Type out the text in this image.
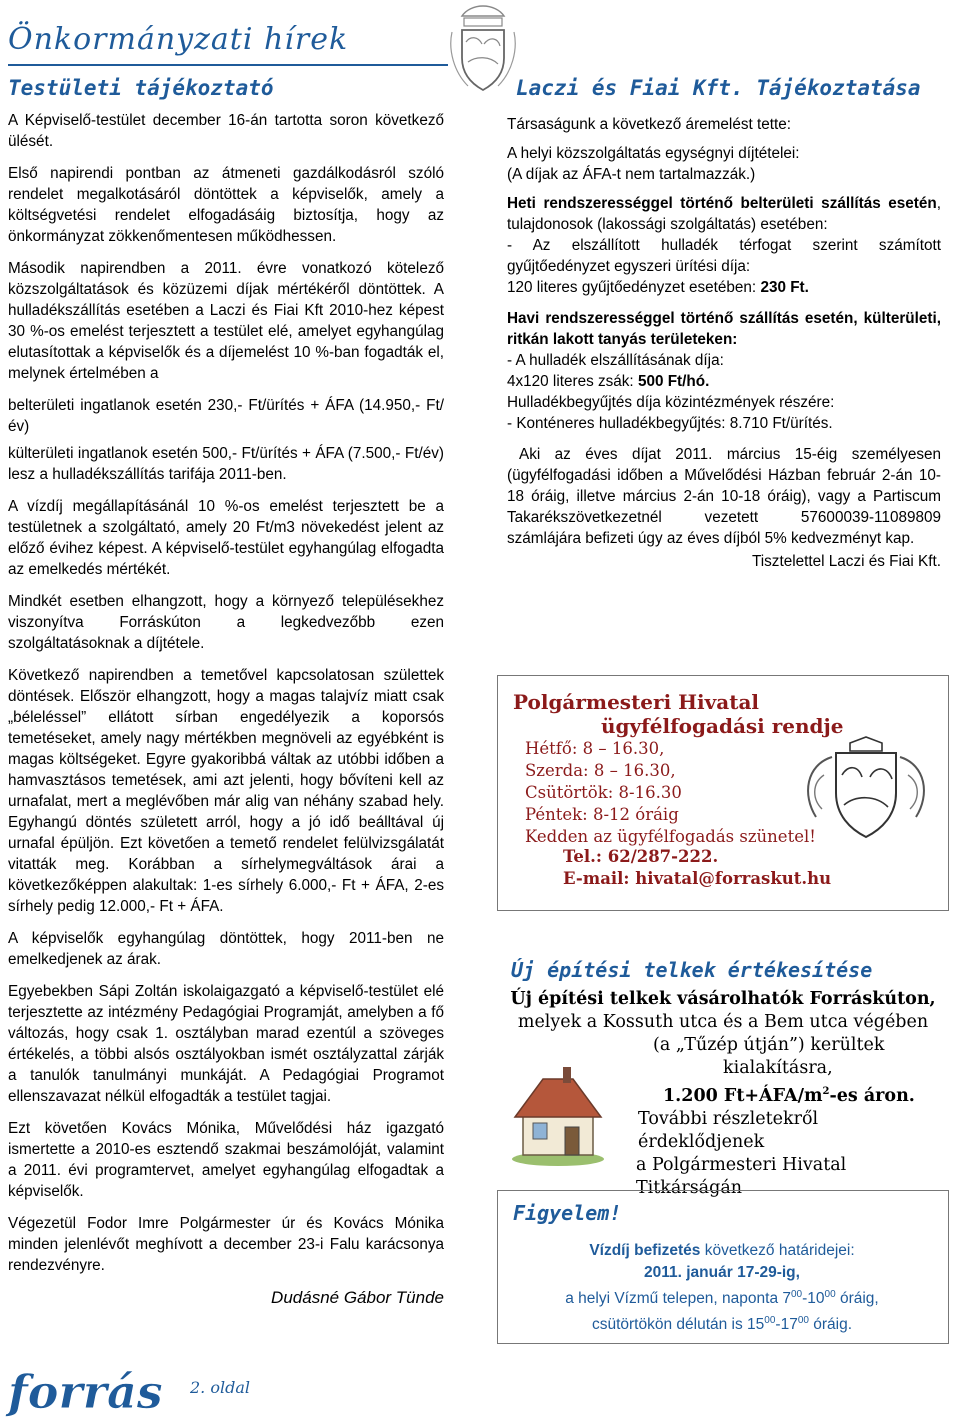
Önkormányzati hírek
Testületi tájékoztató

A Képviselő-testület december 16-án tartotta soron következő ülését.

Első napirendi pontban az átmeneti gazdálkodásról szóló rendelet megalkotásáról döntöttek a képviselők, amely a költségvetési rendelet elfogadásáig biztosítja, hogy az önkormányzat zökkenőmentesen működhessen.

Második napirendben a 2011. évre vonatkozó kötelező közszolgáltatások és közüzemi díjak mértékéről döntöttek. A hulladékszállítás esetében a Laczi és Fiai Kft 2010-hez képest 30 %-os emelést terjesztett a testület elé, amelyet egyhangúlag elutasítottak a képviselők és a díjemelést 10 %-ban fogadták el, melynek értelmében a

belterületi ingatlanok esetén 230,- Ft/ürítés + ÁFA (14.950,- Ft/év)

külterületi ingatlanok esetén 500,- Ft/ürítés + ÁFA (7.500,- Ft/év) lesz a hulladékszállítás tarifája 2011-ben.

A vízdíj megállapításánál 10 %-os emelést terjesztett be a testületnek a szolgáltató, amely 20 Ft/m3 növekedést jelent az előző évihez képest. A képviselő-testület egyhangúlag elfogadta az emelkedés mértékét.

Mindkét esetben elhangzott, hogy a környező településekhez viszonyítva Forráskúton a legkedvezőbb ezen szolgáltatásoknak a díjtétele.

Következő napirendben a temetővel kapcsolatosan születtek döntések. Először elhangzott, hogy a magas talajvíz miatt csak „béleléssel” ellátott sírban engedélyezik a koporsós temetéseket, amely nagy mértékben megnöveli az egyébként is magas költségeket. Egyre gyakoribbá váltak az utóbbi időben a hamvasztásos temetések, ami azt jelenti, hogy bővíteni kell az urnafalat, mert a meglévőben már alig van néhány szabad hely. Egyhangú döntés született arról, hogy a jó idő beálltával új urnafal épüljön. Ezt követően a temető rendelet felülvizsgálatát vitatták meg. Korábban a sírhelymegváltások árai a következőképpen alakultak: 1-es sírhely 6.000,- Ft + ÁFA, 2-es sírhely pedig 12.000,- Ft + ÁFA.

A képviselők egyhangúlag döntöttek, hogy 2011-ben ne emelkedjenek az árak.

Egyebekben Sápi Zoltán iskolaigazgató a képviselő-testület elé terjesztette az intézmény Pedagógiai Programját, amelyben a fő változás, hogy csak 1. osztályban marad ezentúl a szöveges értékelés, a többi alsós osztályokban ismét osztályzattal zárják a tanulók tanulmányi munkáját. A Pedagógiai Programot ellenszavazat nélkül elfogadták a testület tagjai.

Ezt követően Kovács Mónika, Művelődési ház igazgató ismertette a 2010-es esztendő szakmai beszámolóját, valamint a 2011. évi programtervet, amelyet egyhangúlag elfogadtak a képviselők.

Végezetül Fodor Imre Polgármester úr és Kovács Mónika minden jelenlévőt meghívott a december 23-i Falu karácsonya rendezvényre.

Dudásné Gábor Tünde
Laczi és Fiai Kft. Tájékoztatása

Társaságunk a következő áremelést tette:

A helyi közszolgáltatás egységnyi díjtételei:

(A díjak az ÁFA-t nem tartalmazzák.)

Heti rendszerességgel történő belterületi szállítás esetén, tulajdonosok (lakossági szolgáltatás) esetében:

- Az elszállított hulladék térfogat szerint számított gyűjtőedényzet egyszeri ürítési díja:

120 literes gyűjtőedényzet esetében: 230 Ft.

Havi rendszerességgel történő szállítás esetén, külterületi, ritkán lakott tanyás területeken:

- A hulladék elszállításának díja:

4x120 literes zsák: 500 Ft/hó.

Hulladékbegyűjtés díja közintézmények részére:

- Konténeres hulladékbegyűjtés: 8.710 Ft/ürítés.

Aki az éves díjat 2011. március 15-éig személyesen (ügyfélfogadási időben a Művelődési Házban február 2-án 10-18 óráig, illetve március 2-án 10-18 óráig), vagy a Partiscum Takarékszövetkezetnél vezetett 57600039-11089809 számlájára befizeti úgy az éves díjból 5% kedvezményt kap.

Tisztelettel Laczi és Fiai Kft.

Polgármesteri Hivatal
ügyfélfogadási rendje
Hétfő: 8 – 16.30,
Szerda: 8 – 16.30,
Csütörtök: 8-16.30
Péntek: 8-12 óráig
Kedden az ügyfélfogadás szünetel!
Tel.: 62/287-222.
E-mail: hivatal@forraskut.hu
Új építési telkek értékesítése
Új építési telkek vásárolhatók Forráskúton,
melyek a Kossuth utca és a Bem utca végében
(a „Tűzép útján”) kerültek
kialakításra,
1.200 $Ft+ÁFA/m^2-es$ áron.
További részletekről érdeklődjenek
a Polgármesteri Hivatal Titkárságán
Figyelem!
Vízdíj befizetés következő határidejei:
2011. január 17-29-ig,
a helyi Vízmű telepen, naponta $7^{00}-10^{00}$ óráig,
csütörtökön délután is $15^{00}-17^{00}$ óráig.
forrás 2. oldal
